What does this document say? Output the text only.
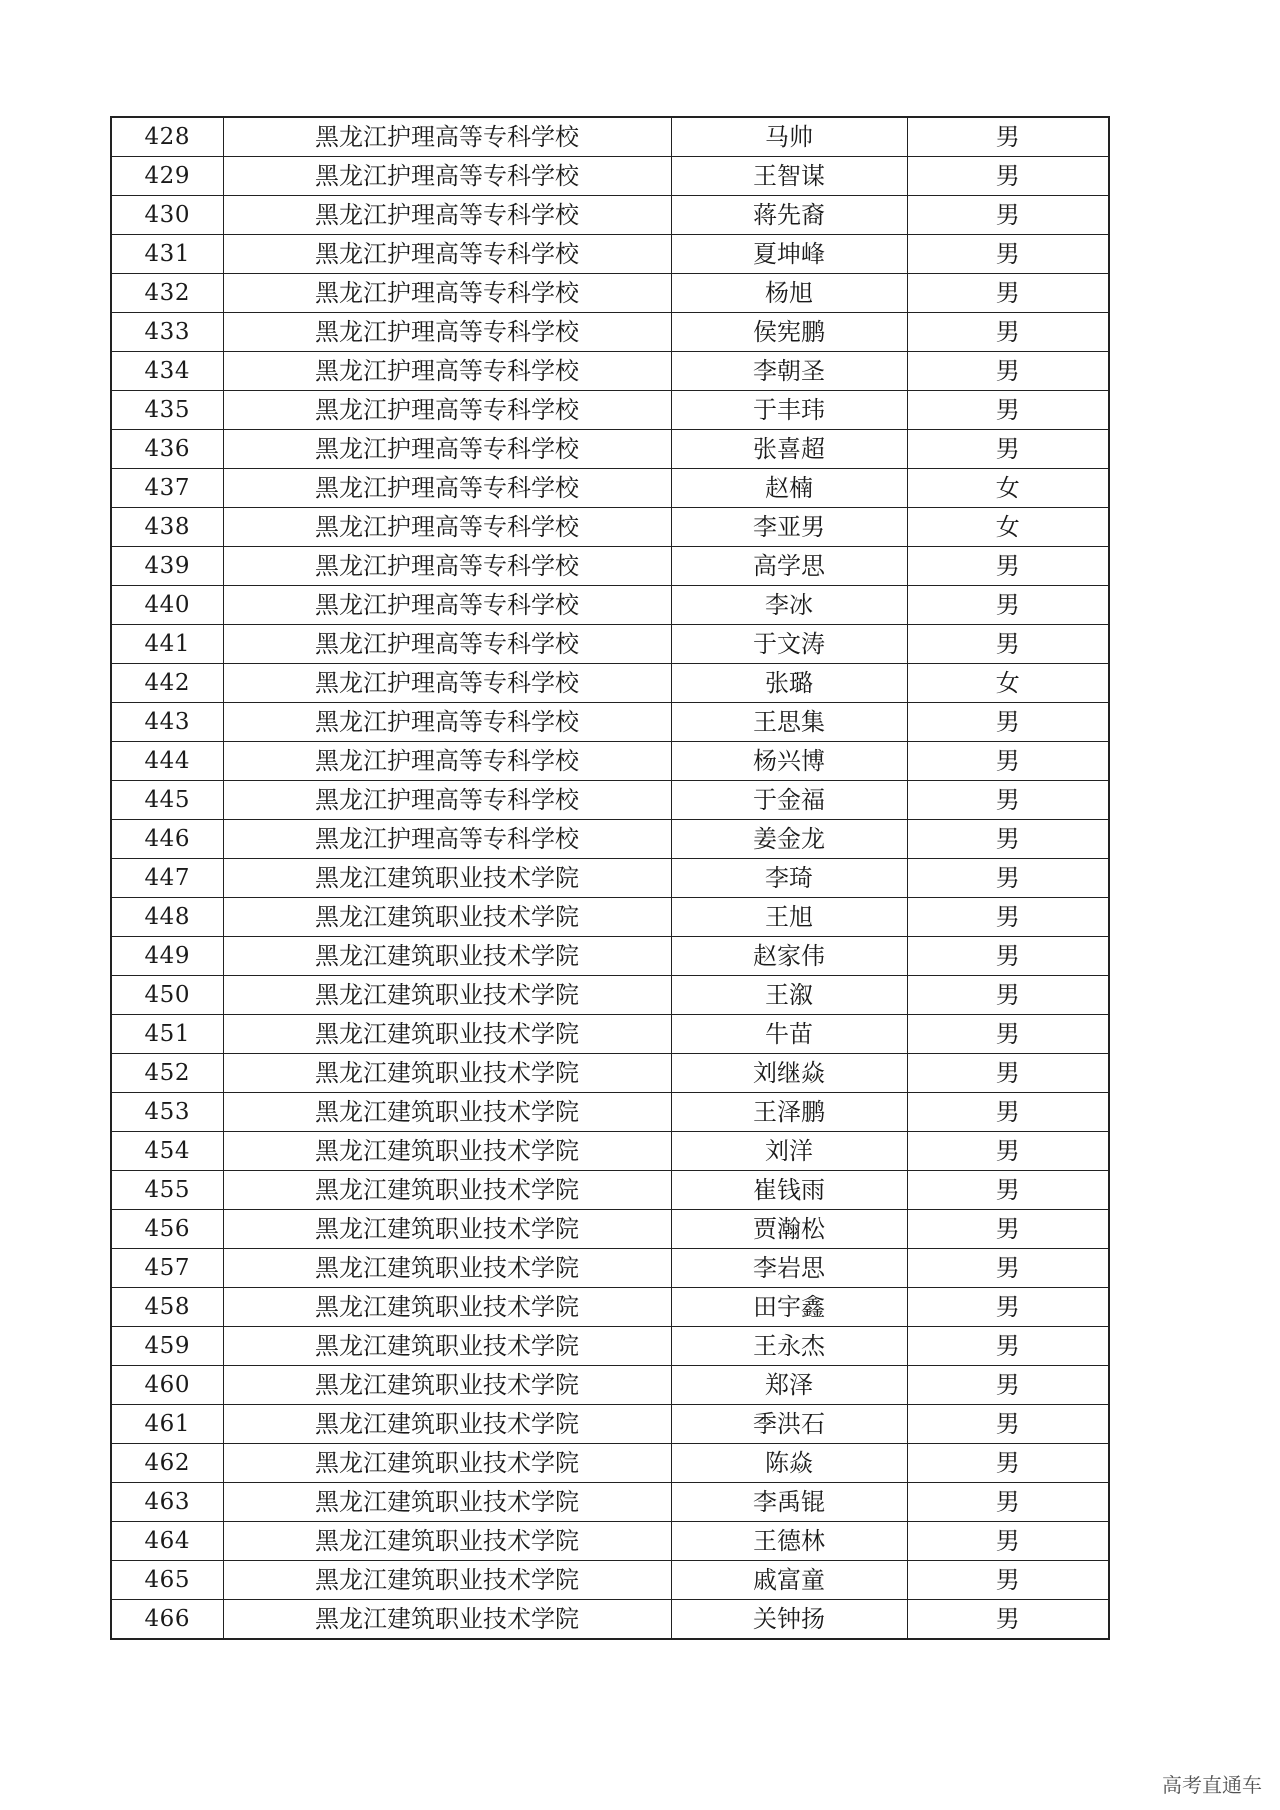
428	黑龙江护理高等专科学校	马帅	男
429	黑龙江护理高等专科学校	王智谋	男
430	黑龙江护理高等专科学校	蒋先裔	男
431	黑龙江护理高等专科学校	夏坤峰	男
432	黑龙江护理高等专科学校	杨旭	男
433	黑龙江护理高等专科学校	侯宪鹏	男
434	黑龙江护理高等专科学校	李朝圣	男
435	黑龙江护理高等专科学校	于丰玮	男
436	黑龙江护理高等专科学校	张喜超	男
437	黑龙江护理高等专科学校	赵楠	女
438	黑龙江护理高等专科学校	李亚男	女
439	黑龙江护理高等专科学校	高学思	男
440	黑龙江护理高等专科学校	李冰	男
441	黑龙江护理高等专科学校	于文涛	男
442	黑龙江护理高等专科学校	张璐	女
443	黑龙江护理高等专科学校	王思集	男
444	黑龙江护理高等专科学校	杨兴博	男
445	黑龙江护理高等专科学校	于金福	男
446	黑龙江护理高等专科学校	姜金龙	男
447	黑龙江建筑职业技术学院	李琦	男
448	黑龙江建筑职业技术学院	王旭	男
449	黑龙江建筑职业技术学院	赵家伟	男
450	黑龙江建筑职业技术学院	王溆	男
451	黑龙江建筑职业技术学院	牛苗	男
452	黑龙江建筑职业技术学院	刘继焱	男
453	黑龙江建筑职业技术学院	王泽鹏	男
454	黑龙江建筑职业技术学院	刘洋	男
455	黑龙江建筑职业技术学院	崔钱雨	男
456	黑龙江建筑职业技术学院	贾瀚松	男
457	黑龙江建筑职业技术学院	李岩思	男
458	黑龙江建筑职业技术学院	田宇鑫	男
459	黑龙江建筑职业技术学院	王永杰	男
460	黑龙江建筑职业技术学院	郑泽	男
461	黑龙江建筑职业技术学院	季洪石	男
462	黑龙江建筑职业技术学院	陈焱	男
463	黑龙江建筑职业技术学院	李禹锟	男
464	黑龙江建筑职业技术学院	王德林	男
465	黑龙江建筑职业技术学院	戚富童	男
466	黑龙江建筑职业技术学院	关钟扬	男
高考直通车
